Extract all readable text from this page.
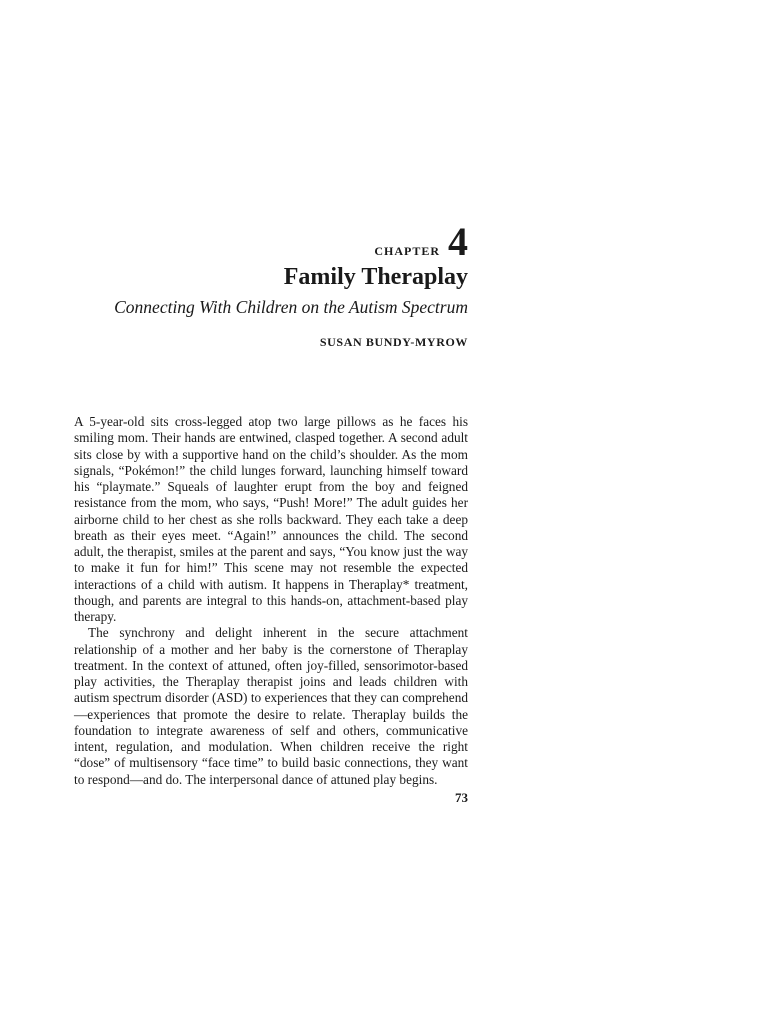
CHAPTER 4
Family Theraplay
Connecting With Children on the Autism Spectrum
SUSAN BUNDY-MYROW

A 5-year-old sits cross-legged atop two large pillows as he faces his smiling mom. Their hands are entwined, clasped together. A second adult sits close by with a supportive hand on the child’s shoulder. As the mom signals, “Pokémon!” the child lunges forward, launching himself toward his “playmate.” Squeals of laughter erupt from the boy and feigned resistance from the mom, who says, “Push! More!” The adult guides her airborne child to her chest as she rolls backward. They each take a deep breath as their eyes meet. “Again!” announces the child. The second adult, the therapist, smiles at the parent and says, “You know just the way to make it fun for him!” This scene may not resemble the expected interactions of a child with autism. It happens in Theraplay* treatment, though, and parents are integral to this hands-on, attachment-based play therapy.

The synchrony and delight inherent in the secure attachment relationship of a mother and her baby is the cornerstone of Theraplay treatment. In the context of attuned, often joy-filled, sensorimotor-based play activities, the Theraplay therapist joins and leads children with autism spectrum disorder (ASD) to experiences that they can comprehend—experiences that promote the desire to relate. Theraplay builds the foundation to integrate awareness of self and others, communicative intent, regulation, and modulation. When children receive the right “dose” of multisensory “face time” to build basic connections, they want to respond—and do. The interpersonal dance of attuned play begins.

73
